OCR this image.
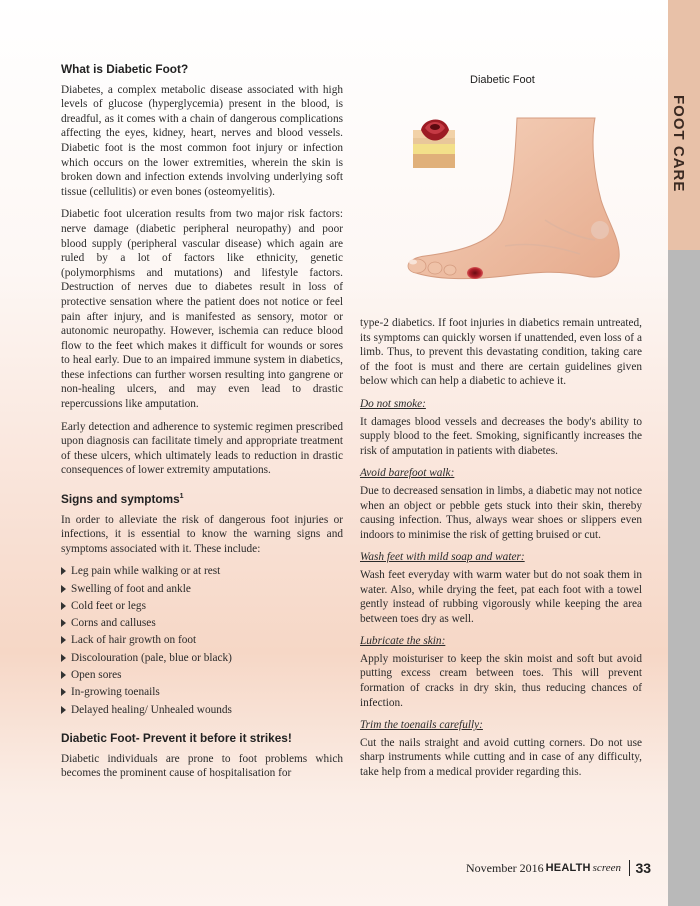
FOOT CARE
What is Diabetic Foot?

Diabetes, a complex metabolic disease associated with high levels of glucose (hyperglycemia) present in the blood, is dreadful, as it comes with a chain of dangerous complications affecting the eyes, kidney, heart, nerves and blood vessels. Diabetic foot is the most common foot injury or infection which occurs on the lower extremities, wherein the skin is broken down and infection extends involving underlying soft tissue (cellulitis) or even bones (osteomyelitis).

Diabetic foot ulceration results from two major risk factors: nerve damage (diabetic peripheral neuropathy) and poor blood supply (peripheral vascular disease) which again are ruled by a lot of factors like ethnicity, genetic (polymorphisms and mutations) and lifestyle factors. Destruction of nerves due to diabetes result in loss of protective sensation where the patient does not notice or feel pain after injury, and is manifested as sensory, motor or autonomic neuropathy. However, ischemia can reduce blood flow to the feet which makes it difficult for wounds or sores to heal early. Due to an impaired immune system in diabetics, these infections can further worsen resulting into gangrene or non-healing ulcers, and may even lead to drastic repercussions like amputation.

Early detection and adherence to systemic regimen prescribed upon diagnosis can facilitate timely and appropriate treatment of these ulcers, which ultimately leads to reduction in drastic consequences of lower extremity amputations.

Signs and symptoms$^1$

In order to alleviate the risk of dangerous foot injuries or infections, it is essential to know the warning signs and symptoms associated with it. These include:

Leg pain while walking or at rest
Swelling of foot and ankle
Cold feet or legs
Corns and calluses
Lack of hair growth on foot
Discolouration (pale, blue or black)
Open sores
In-growing toenails
Delayed healing/ Unhealed wounds
Diabetic Foot- Prevent it before it strikes!

Diabetic individuals are prone to foot problems which becomes the prominent cause of hospitalisation for

Diabetic Foot

type-2 diabetics. If foot injuries in diabetics remain untreated, its symptoms can quickly worsen if unattended, even loss of a limb. Thus, to prevent this devastating condition, taking care of the foot is must and there are certain guidelines given below which can help a diabetic to achieve it.

Do not smoke:

It damages blood vessels and decreases the body's ability to supply blood to the feet. Smoking, significantly increases the risk of amputation in patients with diabetes.

Avoid barefoot walk:

Due to decreased sensation in limbs, a diabetic may not notice when an object or pebble gets stuck into their skin, thereby causing infection. Thus, always wear shoes or slippers even indoors to minimise the risk of getting bruised or cut.

Wash feet with mild soap and water:

Wash feet everyday with warm water but do not soak them in water. Also, while drying the feet, pat each foot with a towel gently instead of rubbing vigorously while keeping the area between toes dry as well.

Lubricate the skin:

Apply moisturiser to keep the skin moist and soft but avoid putting excess cream between toes. This will prevent formation of cracks in dry skin, thus reducing chances of infection.

Trim the toenails carefully:

Cut the nails straight and avoid cutting corners. Do not use sharp instruments while cutting and in case of any difficulty, take help from a medical provider regarding this.

November 2016 HEALTH screen 33
